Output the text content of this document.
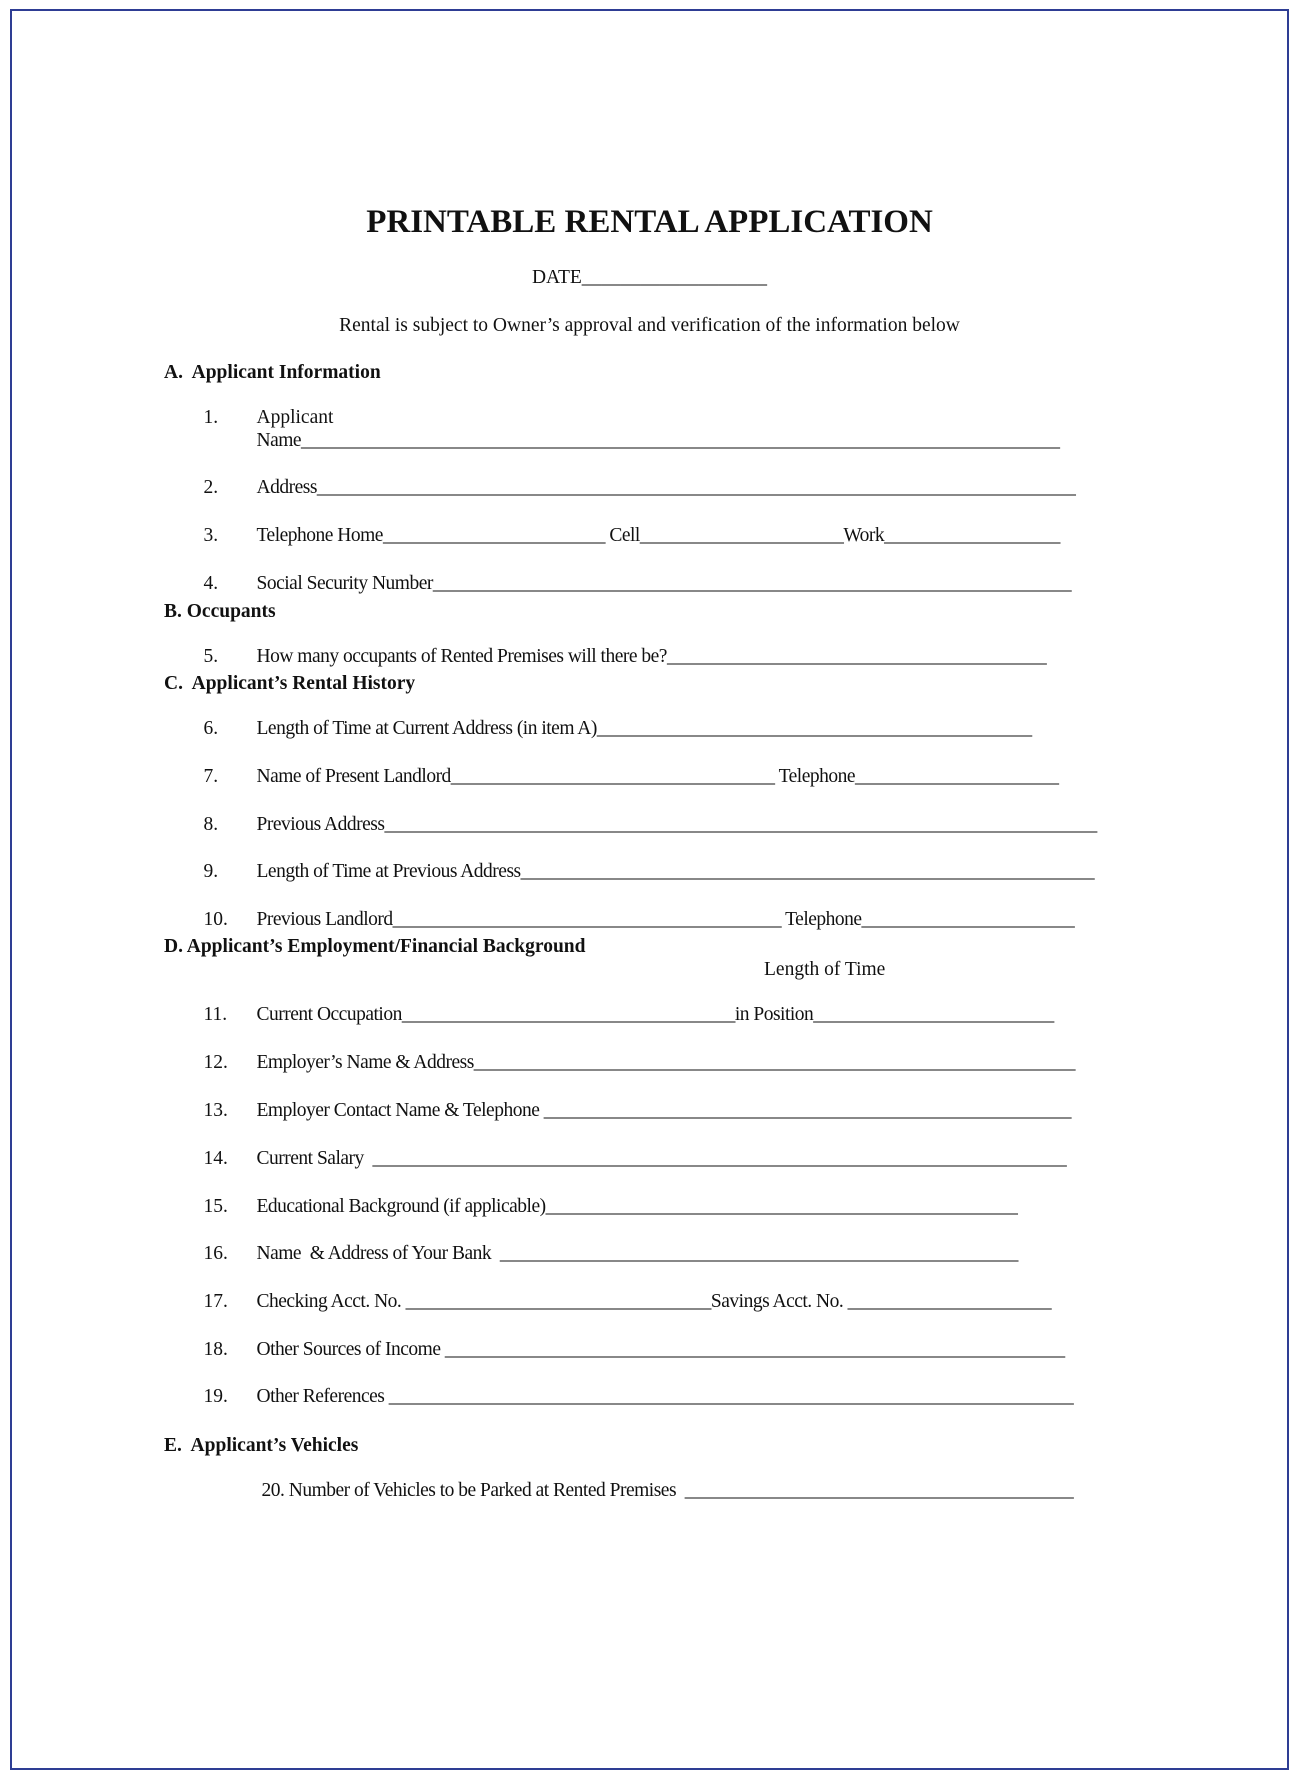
PRINTABLE RENTAL APPLICATION
DATE___________________
Rental is subject to Owner’s approval and verification of the information below
A.  Applicant Information

1. Applicant

Name__________________________________________________________________________________

2. Address__________________________________________________________________________________

3. Telephone Home________________________ Cell______________________Work___________________

4. Social Security Number_____________________________________________________________________

B. Occupants

5. How many occupants of Rented Premises will there be?_________________________________________

C.  Applicant’s Rental History

6. Length of Time at Current Address (in item A)_______________________________________________

7. Name of Present Landlord___________________________________ Telephone______________________

8. Previous Address_____________________________________________________________________________

9. Length of Time at Previous Address______________________________________________________________

10. Previous Landlord__________________________________________ Telephone_______________________

D. Applicant’s Employment/Financial Background
Length of Time

11. Current Occupation____________________________________in Position__________________________

12. Employer’s Name & Address_________________________________________________________________

13. Employer Contact Name & Telephone _________________________________________________________

14. Current Salary  ___________________________________________________________________________

15. Educational Background (if applicable)___________________________________________________

16. Name  & Address of Your Bank  ________________________________________________________

17. Checking Acct. No. _________________________________Savings Acct. No. ______________________

18. Other Sources of Income ___________________________________________________________________

19. Other References __________________________________________________________________________

E.  Applicant’s Vehicles

20. Number of Vehicles to be Parked at Rented Premises  __________________________________________
